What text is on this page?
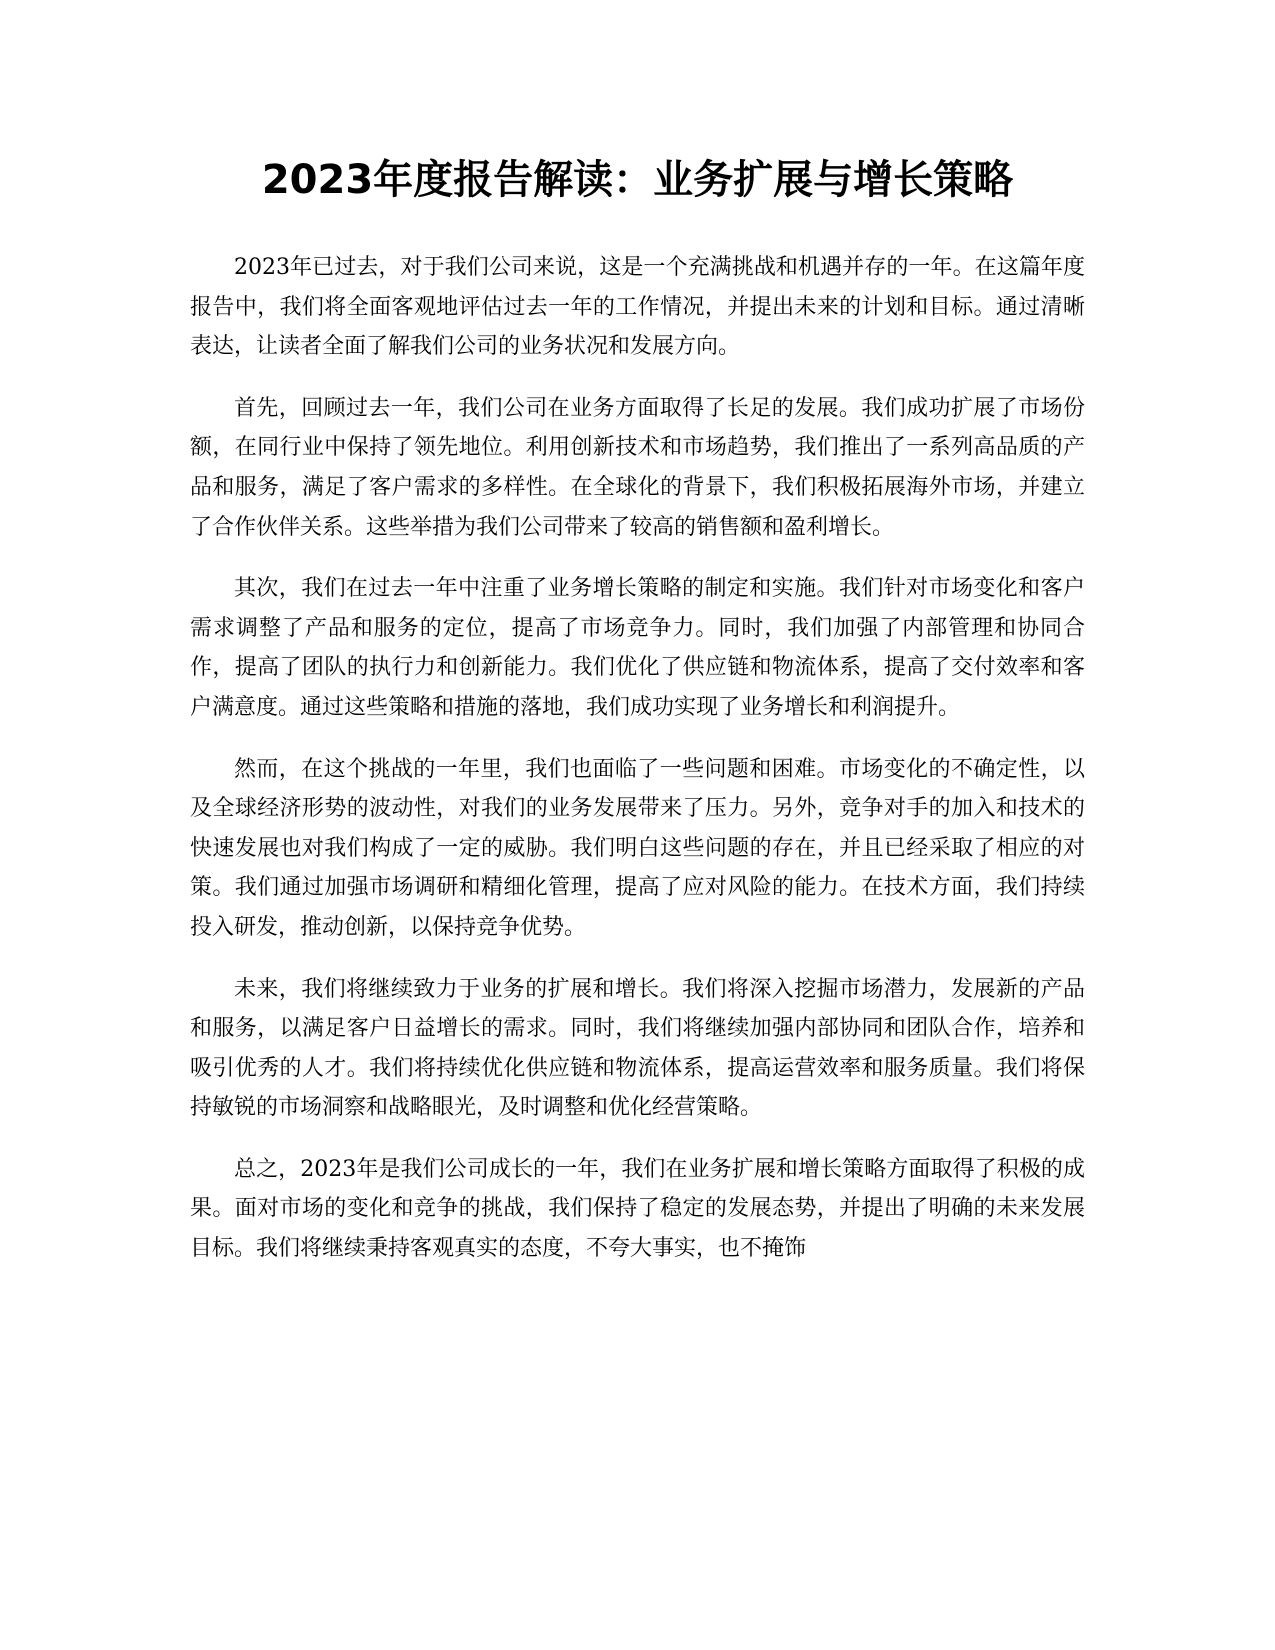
2023年度报告解读：业务扩展与增长策略

2023年已过去，对于我们公司来说，这是一个充满挑战和机遇并存的一年。在这篇年度报告中，我们将全面客观地评估过去一年的工作情况，并提出未来的计划和目标。通过清晰表达，让读者全面了解我们公司的业务状况和发展方向。

首先，回顾过去一年，我们公司在业务方面取得了长足的发展。我们成功扩展了市场份额，在同行业中保持了领先地位。利用创新技术和市场趋势，我们推出了一系列高品质的产品和服务，满足了客户需求的多样性。在全球化的背景下，我们积极拓展海外市场，并建立了合作伙伴关系。这些举措为我们公司带来了较高的销售额和盈利增长。

其次，我们在过去一年中注重了业务增长策略的制定和实施。我们针对市场变化和客户需求调整了产品和服务的定位，提高了市场竞争力。同时，我们加强了内部管理和协同合作，提高了团队的执行力和创新能力。我们优化了供应链和物流体系，提高了交付效率和客户满意度。通过这些策略和措施的落地，我们成功实现了业务增长和利润提升。

然而，在这个挑战的一年里，我们也面临了一些问题和困难。市场变化的不确定性，以及全球经济形势的波动性，对我们的业务发展带来了压力。另外，竞争对手的加入和技术的快速发展也对我们构成了一定的威胁。我们明白这些问题的存在，并且已经采取了相应的对策。我们通过加强市场调研和精细化管理，提高了应对风险的能力。在技术方面，我们持续投入研发，推动创新，以保持竞争优势。

未来，我们将继续致力于业务的扩展和增长。我们将深入挖掘市场潜力，发展新的产品和服务，以满足客户日益增长的需求。同时，我们将继续加强内部协同和团队合作，培养和吸引优秀的人才。我们将持续优化供应链和物流体系，提高运营效率和服务质量。我们将保持敏锐的市场洞察和战略眼光，及时调整和优化经营策略。

总之，2023年是我们公司成长的一年，我们在业务扩展和增长策略方面取得了积极的成果。面对市场的变化和竞争的挑战，我们保持了稳定的发展态势，并提出了明确的未来发展目标。我们将继续秉持客观真实的态度，不夸大事实，也不掩饰
